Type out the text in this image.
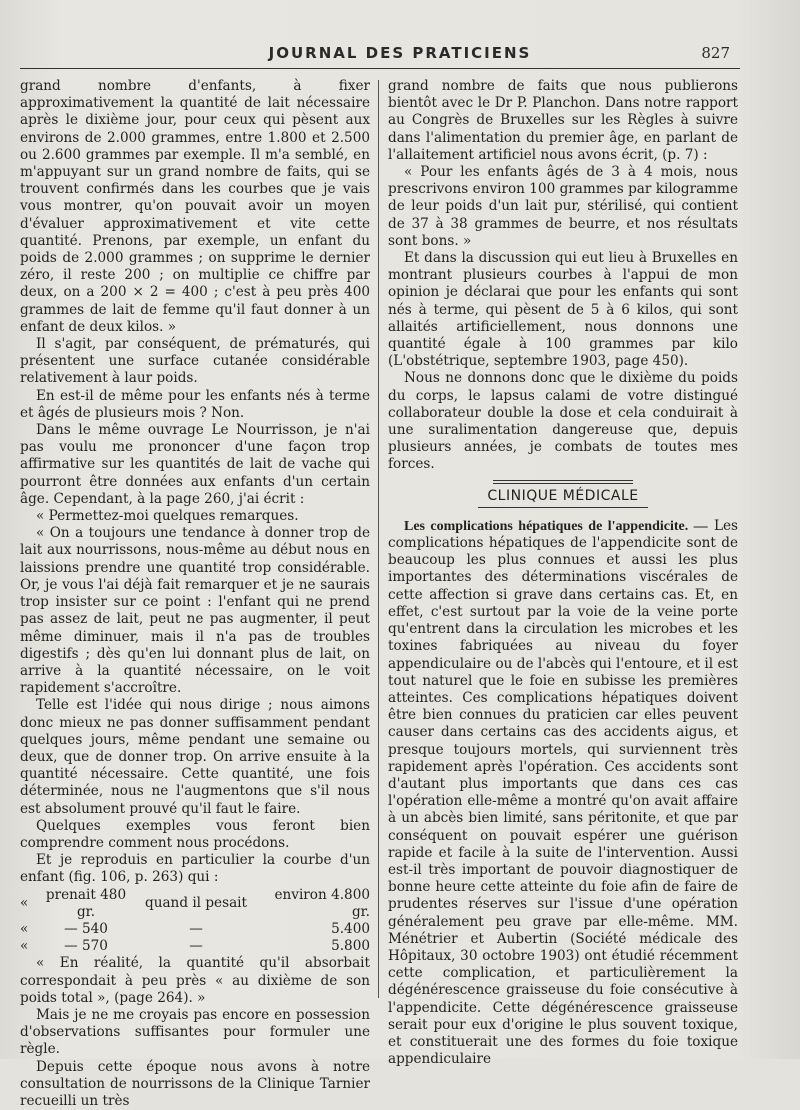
JOURNAL DES PRATICIENS	827

grand nombre d'enfants, à fixer approximativement la quantité de lait nécessaire après le dixième jour, pour ceux qui pèsent aux environs de 2.000 grammes, entre 1.800 et 2.500 ou 2.600 grammes par exemple. Il m'a semblé, en m'appuyant sur un grand nombre de faits, qui se trouvent confirmés dans les courbes que je vais vous montrer, qu'on pouvait avoir un moyen d'évaluer approximativement et vite cette quantité. Prenons, par exemple, un enfant du poids de 2.000 grammes ; on supprime le dernier zéro, il reste 200 ; on multiplie ce chiffre par deux, on a 200 × 2 = 400 ; c'est à peu près 400 grammes de lait de femme qu'il faut donner à un enfant de deux kilos. »

Il s'agit, par conséquent, de prématurés, qui présentent une surface cutanée considérable relativement à laur poids.

En est-il de même pour les enfants nés à terme et âgés de plusieurs mois ? Non.

Dans le même ouvrage Le Nourrisson, je n'ai pas voulu me prononcer d'une façon trop affirmative sur les quantités de lait de vache qui pourront être données aux enfants d'un certain âge. Cependant, à la page 260, j'ai écrit :

« Permettez-moi quelques remarques.

« On a toujours une tendance à donner trop de lait aux nourrissons, nous-même au début nous en laissions prendre une quantité trop considérable. Or, je vous l'ai déjà fait remarquer et je ne saurais trop insister sur ce point : l'enfant qui ne prend pas assez de lait, peut ne pas augmenter, il peut même diminuer, mais il n'a pas de troubles digestifs ; dès qu'en lui donnant plus de lait, on arrive à la quantité nécessaire, on le voit rapidement s'accroître.

Telle est l'idée qui nous dirige ; nous aimons donc mieux ne pas donner suffisamment pendant quelques jours, même pendant une semaine ou deux, que de donner trop. On arrive ensuite à la quantité nécessaire. Cette quantité, une fois déterminée, nous ne l'augmentons que s'il nous est absolument prouvé qu'il faut le faire.

Quelques exemples vous feront bien comprendre comment nous procédons.

Et je reproduis en particulier la courbe d'un enfant (fig. 106, p. 263) qui :

«	prenait 480 gr.	quand il pesait	environ 4.800 gr.
«	— 540	—	5.400
«	— 570	—	5.800

« En réalité, la quantité qu'il absorbait correspondait à peu près « au dixième de son poids total », (page 264). »

Mais je ne me croyais pas encore en possession d'observations suffisantes pour formuler une règle.

Depuis cette époque nous avons à notre consultation de nourrissons de la Clinique Tarnier recueilli un très

grand nombre de faits que nous publierons bientôt avec le Dr P. Planchon. Dans notre rapport au Congrès de Bruxelles sur les Règles à suivre dans l'alimentation du premier âge, en parlant de l'allaitement artificiel nous avons écrit, (p. 7) :

« Pour les enfants âgés de 3 à 4 mois, nous prescrivons environ 100 grammes par kilogramme de leur poids d'un lait pur, stérilisé, qui contient de 37 à 38 grammes de beurre, et nos résultats sont bons. »

Et dans la discussion qui eut lieu à Bruxelles en montrant plusieurs courbes à l'appui de mon opinion je déclarai que pour les enfants qui sont nés à terme, qui pèsent de 5 à 6 kilos, qui sont allaités artificiellement, nous donnons une quantité égale à 100 grammes par kilo (L'obstétrique, septembre 1903, page 450).

Nous ne donnons donc que le dixième du poids du corps, le lapsus calami de votre distingué collaborateur double la dose et cela conduirait à une suralimentation dangereuse que, depuis plusieurs années, je combats de toutes mes forces.

CLINIQUE MÉDICALE

Les complications hépatiques de l'appendicite. — Les complications hépatiques de l'appendicite sont de beaucoup les plus connues et aussi les plus importantes des déterminations viscérales de cette affection si grave dans certains cas. Et, en effet, c'est surtout par la voie de la veine porte qu'entrent dans la circulation les microbes et les toxines fabriquées au niveau du foyer appendiculaire ou de l'abcès qui l'entoure, et il est tout naturel que le foie en subisse les premières atteintes. Ces complications hépatiques doivent être bien connues du praticien car elles peuvent causer dans certains cas des accidents aigus, et presque toujours mortels, qui surviennent très rapidement après l'opération. Ces accidents sont d'autant plus importants que dans ces cas l'opération elle-même a montré qu'on avait affaire à un abcès bien limité, sans péritonite, et que par conséquent on pouvait espérer une guérison rapide et facile à la suite de l'intervention. Aussi est-il très important de pouvoir diagnostiquer de bonne heure cette atteinte du foie afin de faire de prudentes réserves sur l'issue d'une opération généralement peu grave par elle-même. MM. Ménétrier et Aubertin (Société médicale des Hôpitaux, 30 octobre 1903) ont étudié récemment cette complication, et particulièrement la dégénérescence graisseuse du foie consécutive à l'appendicite. Cette dégénérescence graisseuse serait pour eux d'origine le plus souvent toxique, et constituerait une des formes du foie toxique appendiculaire
